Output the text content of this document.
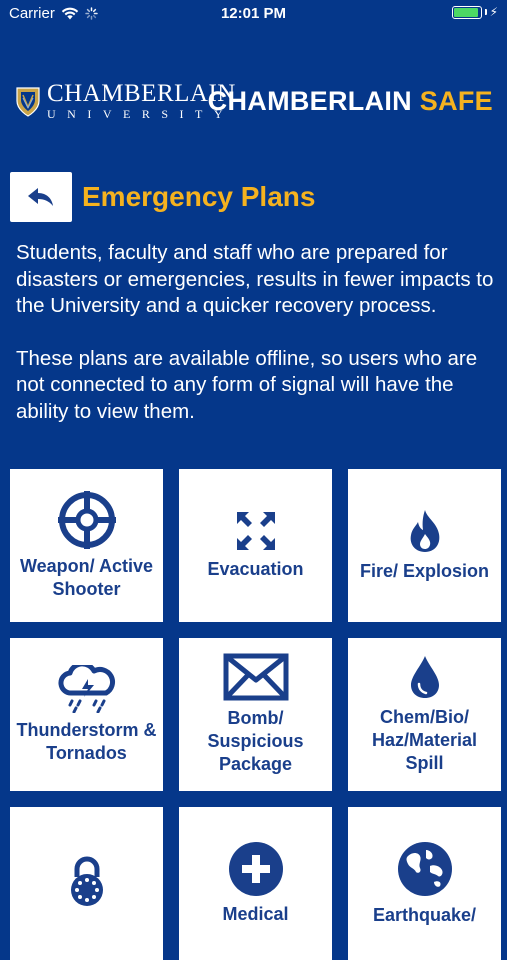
Carrier	12:01 PM	⚡
CHAMBERLAIN
UNIVERSITY
CHAMBERLAIN SAFE
Emergency Plans

Students, faculty and staff who are prepared for disasters or emergencies, results in fewer impacts to the University and a quicker recovery process.

These plans are available offline, so users who are not connected to any form of signal will have the ability to view them.

Weapon/ Active Shooter
Evacuation	Fire/ Explosion
Thunderstorm & Tornados
Bomb/ Suspicious Package
Chem/Bio/ Haz/Material Spill
Medical	Earthquake/
